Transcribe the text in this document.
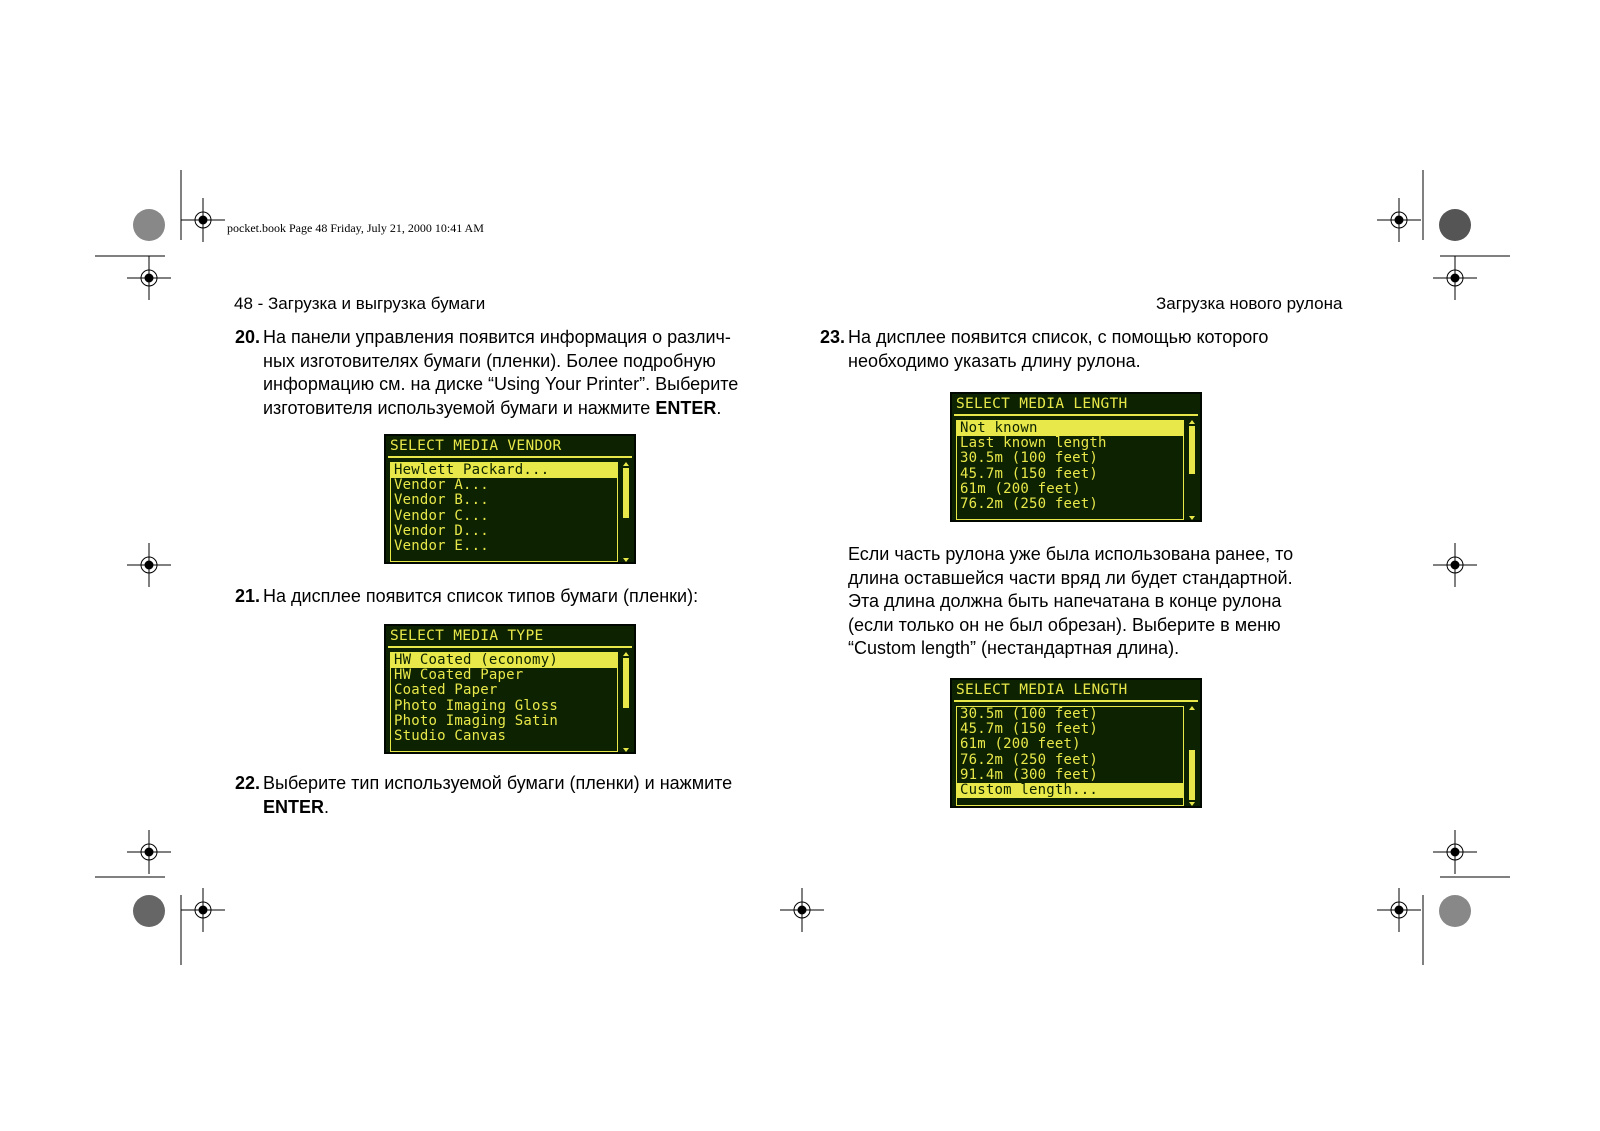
pocket.book Page 48 Friday, July 21, 2000 10:41 AM
48 - Загрузка и выгрузка бумаги	Загрузка нового рулона
20. На панели управления появится информация о различ-
ных изготовителях бумаги (пленки). Более подробную
информацию см. на диске “Using Your Printer”. Выберите
изготовителя используемой бумаги и нажмите ENTER.
SELECT MEDIA VENDOR
Hewlett Packard...
Vendor A...
Vendor B...
Vendor C...
Vendor D...
Vendor E...
21. На дисплее появится список типов бумаги (пленки):
SELECT MEDIA TYPE
HW Coated (economy)
HW Coated Paper
Coated Paper
Photo Imaging Gloss
Photo Imaging Satin
Studio Canvas
22. Выберите тип используемой бумаги (пленки) и нажмите
ENTER.
23. На дисплее появится список, с помощью которого
необходимо указать длину рулона.
SELECT MEDIA LENGTH
Not known
Last known length
30.5m (100 feet)
45.7m (150 feet)
61m (200 feet)
76.2m (250 feet)
Если часть рулона уже была использована ранее, то
длина оставшейся части вряд ли будет стандартной.
Эта длина должна быть напечатана в конце рулона
(если только он не был обрезан). Выберите в меню
“Custom length” (нестандартная длина).
SELECT MEDIA LENGTH
30.5m (100 feet)
45.7m (150 feet)
61m (200 feet)
76.2m (250 feet)
91.4m (300 feet)
Custom length...
